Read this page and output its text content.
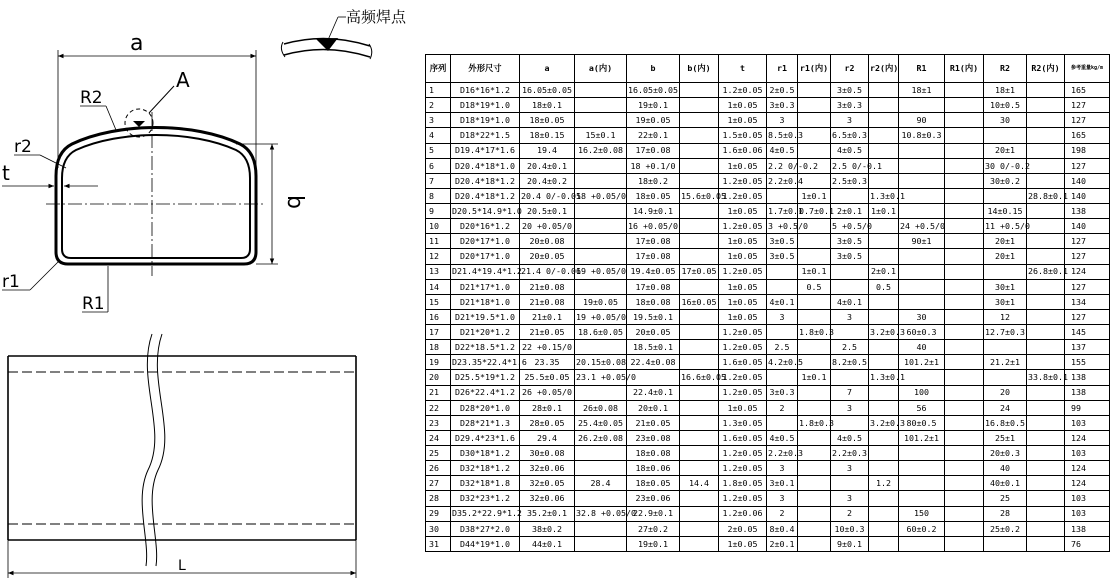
A
a
b
t
r2
R2
r1
R1
高频焊点
L
序列	外形尺寸	a	a(内)	b	b(内)	t	r1	r1(内)	r2	r2(内)	R1	R1(内)	R2	R2(内)	参考重量kg/m
1	D16*16*1.2	16.05±0.05		16.05±0.05		1.2±0.05	2±0.5		3±0.5		18±1		18±1		165
2	D18*19*1.0	18±0.1		19±0.1		1±0.05	3±0.3		3±0.3				10±0.5		127
3	D18*19*1.0	18±0.05		19±0.05		1±0.05	3		3		90		30		127
4	D18*22*1.5	18±0.15	15±0.1	22±0.1		1.5±0.05	8.5±0.3		6.5±0.3		10.8±0.3				165
5	D19.4*17*1.6	19.4	16.2±0.08	17±0.08		1.6±0.06	4±0.5		4±0.5				20±1		198
6	D20.4*18*1.0	20.4±0.1		18 +0.1/0		1±0.05	2.2 0/-0.2		2.5 0/-0.1				30 0/-0.2		127
7	D20.4*18*1.2	20.4±0.2		18±0.2		1.2±0.05	2.2±0.4		2.5±0.3				30±0.2		140
8	D20.4*18*1.2	20.4 0/-0.05	18 +0.05/0	18±0.05	15.6±0.05	1.2±0.05		1±0.1		1.3±0.1				28.8±0.1	140
9	D20.5*14.9*1.0	20.5±0.1		14.9±0.1		1±0.05	1.7±0.1	0.7±0.1	2±0.1	1±0.1			14±0.15		138
10	D20*16*1.2	20 +0.05/0		16 +0.05/0		1.2±0.05	3 +0.5/0		5 +0.5/0		24 +0.5/0		11 +0.5/0		140
11	D20*17*1.0	20±0.08		17±0.08		1±0.05	3±0.5		3±0.5		90±1		20±1		127
12	D20*17*1.0	20±0.05		17±0.08		1±0.05	3±0.5		3±0.5				20±1		127
13	D21.4*19.4*1.2	21.4 0/-0.06	19 +0.05/0	19.4±0.05	17±0.05	1.2±0.05		1±0.1		2±0.1				26.8±0.1	124
14	D21*17*1.0	21±0.08		17±0.08		1±0.05		0.5		0.5			30±1		127
15	D21*18*1.0	21±0.08	19±0.05	18±0.08	16±0.05	1±0.05	4±0.1		4±0.1				30±1		134
16	D21*19.5*1.0	21±0.1	19 +0.05/0	19.5±0.1		1±0.05	3		3		30		12		127
17	D21*20*1.2	21±0.05	18.6±0.05	20±0.05		1.2±0.05		1.8±0.3		3.2±0.3	60±0.3		12.7±0.3		145
18	D22*18.5*1.2	22 +0.15/0		18.5±0.1		1.2±0.05	2.5		2.5		40				137
19	D23.35*22.4*1.6	23.35	20.15±0.08	22.4±0.08		1.6±0.05	4.2±0.5		8.2±0.5		101.2±1		21.2±1		155
20	D25.5*19*1.2	25.5±0.05	23.1 +0.05/0		16.6±0.05	1.2±0.05		1±0.1		1.3±0.1				33.8±0.1	138
21	D26*22.4*1.2	26 +0.05/0		22.4±0.1		1.2±0.05	3±0.3		7		100		20		138
22	D28*20*1.0	28±0.1	26±0.08	20±0.1		1±0.05	2		3		56		24		99
23	D28*21*1.3	28±0.05	25.4±0.05	21±0.05		1.3±0.05		1.8±0.3		3.2±0.3	80±0.5		16.8±0.5		103
24	D29.4*23*1.6	29.4	26.2±0.08	23±0.08		1.6±0.05	4±0.5		4±0.5		101.2±1		25±1		124
25	D30*18*1.2	30±0.08		18±0.08		1.2±0.05	2.2±0.3		2.2±0.3				20±0.3		103
26	D32*18*1.2	32±0.06		18±0.06		1.2±0.05	3		3				40		124
27	D32*18*1.8	32±0.05	28.4	18±0.05	14.4	1.8±0.05	3±0.1			1.2			40±0.1		124
28	D32*23*1.2	32±0.06		23±0.06		1.2±0.05	3		3				25		103
29	D35.2*22.9*1.2	35.2±0.1	32.8 +0.05/0	22.9±0.1		1.2±0.06	2		2		150		28		103
30	D38*27*2.0	38±0.2		27±0.2		2±0.05	8±0.4		10±0.3		60±0.2		25±0.2		138
31	D44*19*1.0	44±0.1		19±0.1		1±0.05	2±0.1		9±0.1						76
